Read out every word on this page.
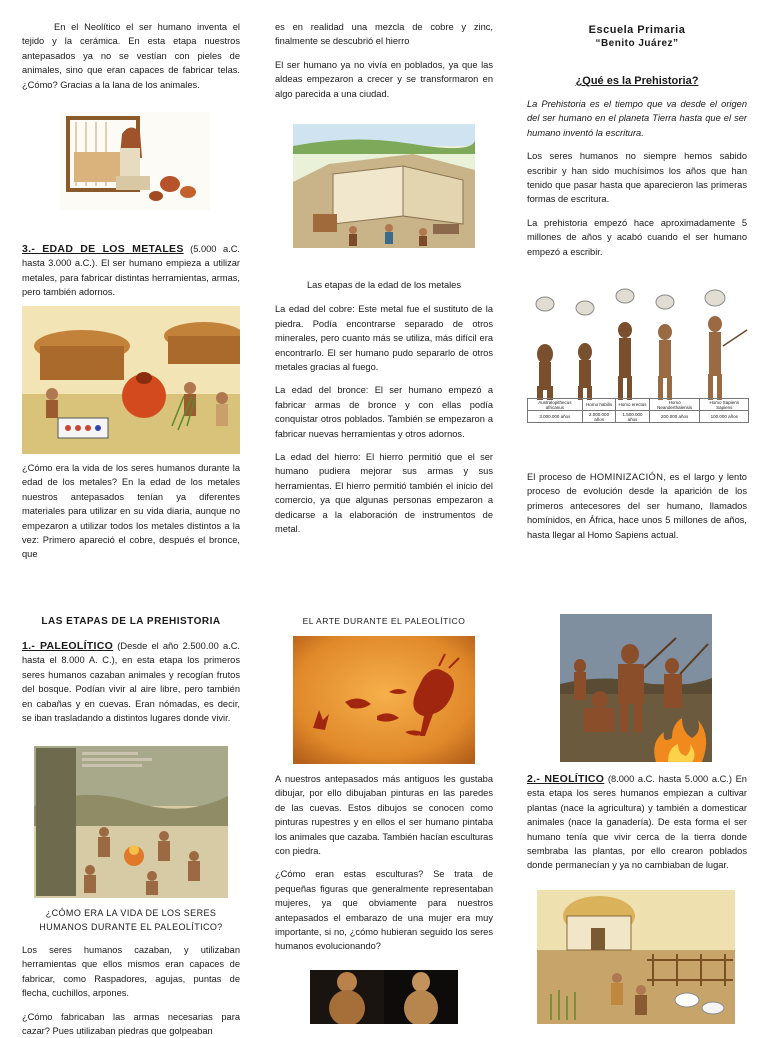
En el Neolítico el ser humano inventa el tejido y la cerámica. En esta etapa nuestros antepasados ya no se vestían con pieles de animales, sino que eran capaces de fabricar telas. ¿Cómo? Gracias a la lana de los animales.

3.- EDAD DE LOS METALES (5.000 a.C. hasta 3.000 a.C.). El ser humano empieza a utilizar metales, para fabricar distintas herramientas, armas, pero también adornos.

¿Cómo era la vida de los seres humanos durante la edad de los metales? En la edad de los metales nuestros antepasados tenían ya diferentes materiales para utilizar en su vida diaria, aunque no empezaron a utilizar todos los metales distintos a la vez: Primero apareció el cobre, después el bronce, que

es en realidad una mezcla de cobre y zinc, finalmente se descubrió el hierro

El ser humano ya no vivía en poblados, ya que las aldeas empezaron a crecer y se transformaron en algo parecida a una ciudad.

Las etapas de la edad de los metales

La edad del cobre: Este metal fue el sustituto de la piedra. Podía encontrarse separado de otros minerales, pero cuanto más se utiliza, más difícil era encontrarlo. El ser humano pudo separarlo de otros metales gracias al fuego.

La edad del bronce: El ser humano empezó a fabricar armas de bronce y con ellas podía conquistar otros poblados. También se empezaron a fabricar nuevas herramientas y otros adornos.

La edad del hierro: El hierro permitió que el ser humano pudiera mejorar sus armas y sus herramientas. El hierro permitió también el inicio del comercio, ya que algunas personas empezaron a dedicarse a la elaboración de instrumentos de metal.

Escuela Primaria
“Benito Juárez”
¿Qué es la Prehistoria?

La Prehistoria es el tiempo que va desde el origen del ser humano en el planeta Tierra hasta que el ser humano inventó la escritura.

Los seres humanos no siempre hemos sabido escribir y han sido muchísimos los años que han tenido que pasar hasta que aparecieron las primeras formas de escritura.

La prehistoria empezó hace aproximadamente 5 millones de años y acabó cuando el ser humano empezó a escribir.

Australopithecus africanus	Homo habilis	Homo erectus	Homo Neanderthalensis	Homo Sapiens Sapiens
3.000.000 años	2.000.000 años	1.500.000 años	200.000 años	100.000 años

El proceso de HOMINIZACIÓN, es el largo y lento proceso de evolución desde la aparición de los primeros antecesores del ser humano, llamados homínidos, en África, hace unos 5 millones de años, hasta llegar al Homo Sapiens actual.

LAS ETAPAS DE LA PREHISTORIA

1.- PALEOLÍTICO (Desde el año 2.500.00 a.C. hasta el 8.000 A. C.), en esta etapa los primeros seres humanos cazaban animales y recogían frutos del bosque. Podían vivir al aire libre, pero también en cabañas y en cuevas. Eran nómadas, es decir, se iban trasladando a distintos lugares donde vivir.

¿CÓMO ERA LA VIDA DE LOS SERES HUMANOS DURANTE EL PALEOLÍTICO?

Los seres humanos cazaban, y utilizaban herramientas que ellos mismos eran capaces de fabricar, como Raspadores, agujas, puntas de flecha, cuchillos, arpones.

¿Cómo fabricaban las armas necesarias para cazar? Pues utilizaban piedras que golpeaban

EL ARTE DURANTE EL PALEOLÍTICO

A nuestros antepasados más antiguos les gustaba dibujar, por ello dibujaban pinturas en las paredes de las cuevas. Estos dibujos se conocen como pinturas rupestres y en ellos el ser humano pintaba los animales que cazaba. También hacían esculturas con piedra.

¿Cómo eran estas esculturas? Se trata de pequeñas figuras que generalmente representaban mujeres, ya que obviamente para nuestros antepasados el embarazo de una mujer era muy importante, si no, ¿cómo hubieran seguido los seres humanos evolucionando?

2.- NEOLÍTICO (8.000 a.C. hasta 5.000 a.C.) En esta etapa los seres humanos empiezan a cultivar plantas (nace la agricultura) y también a domesticar animales (nace la ganadería). De esta forma el ser humano tenía que vivir cerca de la tierra donde sembraba las plantas, por ello crearon poblados donde permanecían y ya no cambiaban de lugar.
